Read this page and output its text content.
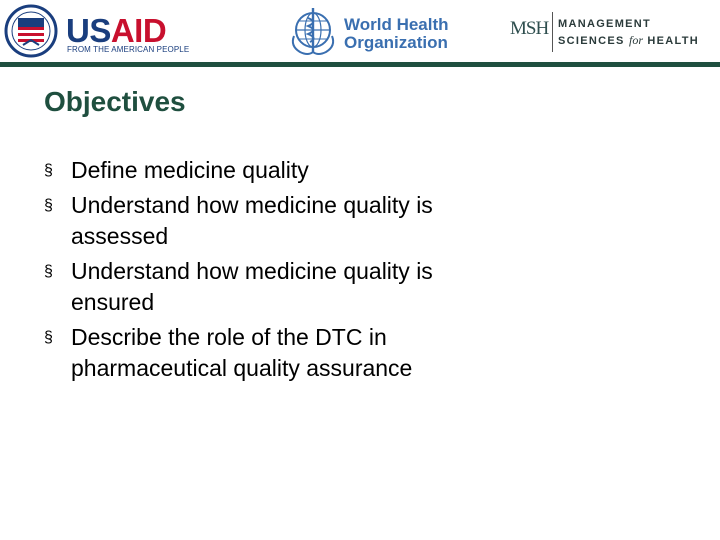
USAID
FROM THE AMERICAN PEOPLE
World Health
Organization
MSH MANAGEMENT
SCIENCES for HEALTH
Objectives
§ Define medicine quality
§ Understand how medicine quality is assessed
§ Understand how medicine quality is ensured
§ Describe the role of the DTC in pharmaceutical quality assurance
